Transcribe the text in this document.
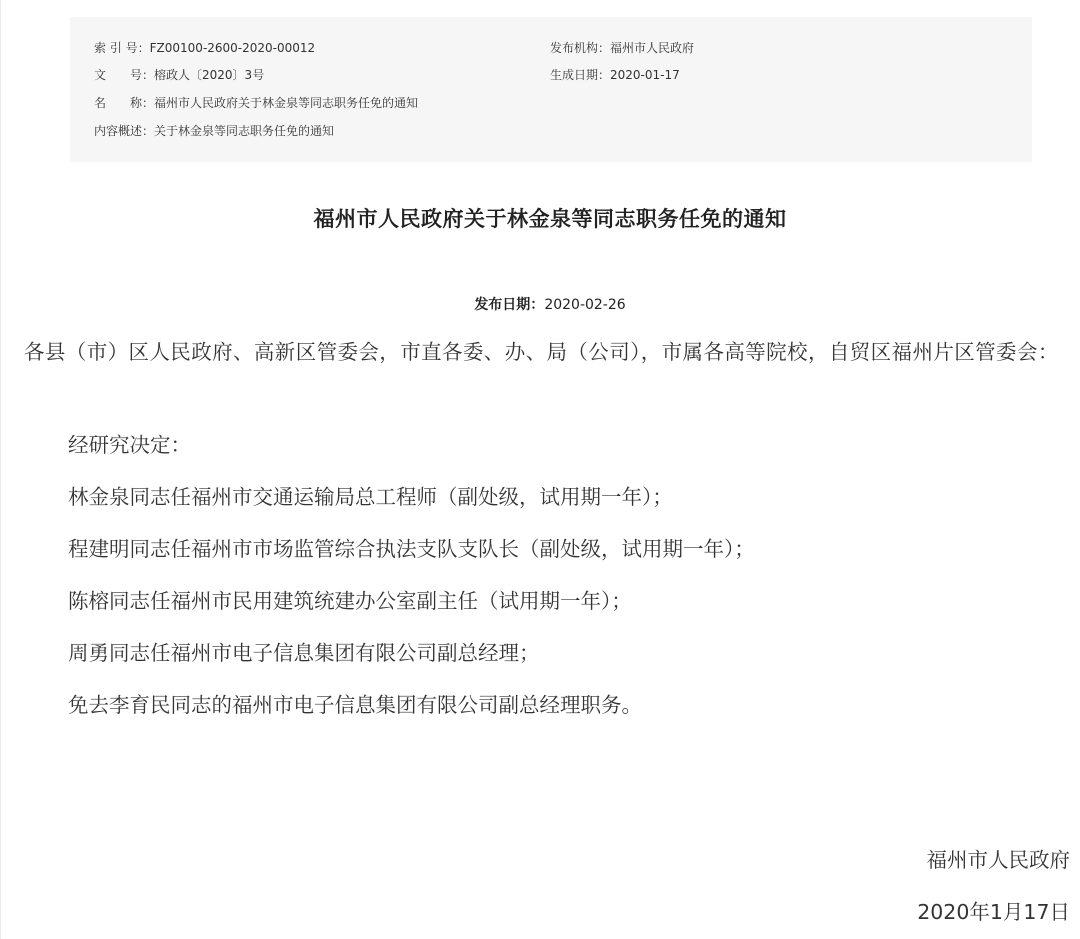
索 引 号：FZ00100-2600-2020-00012	发布机构：福州市人民政府
文　　号：榕政人〔2020〕3号	生成日期：2020-01-17
名　　称：福州市人民政府关于林金泉等同志职务任免的通知
内容概述：关于林金泉等同志职务任免的通知
福州市人民政府关于林金泉等同志职务任免的通知
发布日期：2020-02-26
各县（市）区人民政府、高新区管委会，市直各委、办、局（公司），市属各高等院校，自贸区福州片区管委会：
经研究决定：
林金泉同志任福州市交通运输局总工程师（副处级，试用期一年）；
程建明同志任福州市市场监管综合执法支队支队长（副处级，试用期一年）；
陈榕同志任福州市民用建筑统建办公室副主任（试用期一年）；
周勇同志任福州市电子信息集团有限公司副总经理；
免去李育民同志的福州市电子信息集团有限公司副总经理职务。
福州市人民政府
2020年1月17日
